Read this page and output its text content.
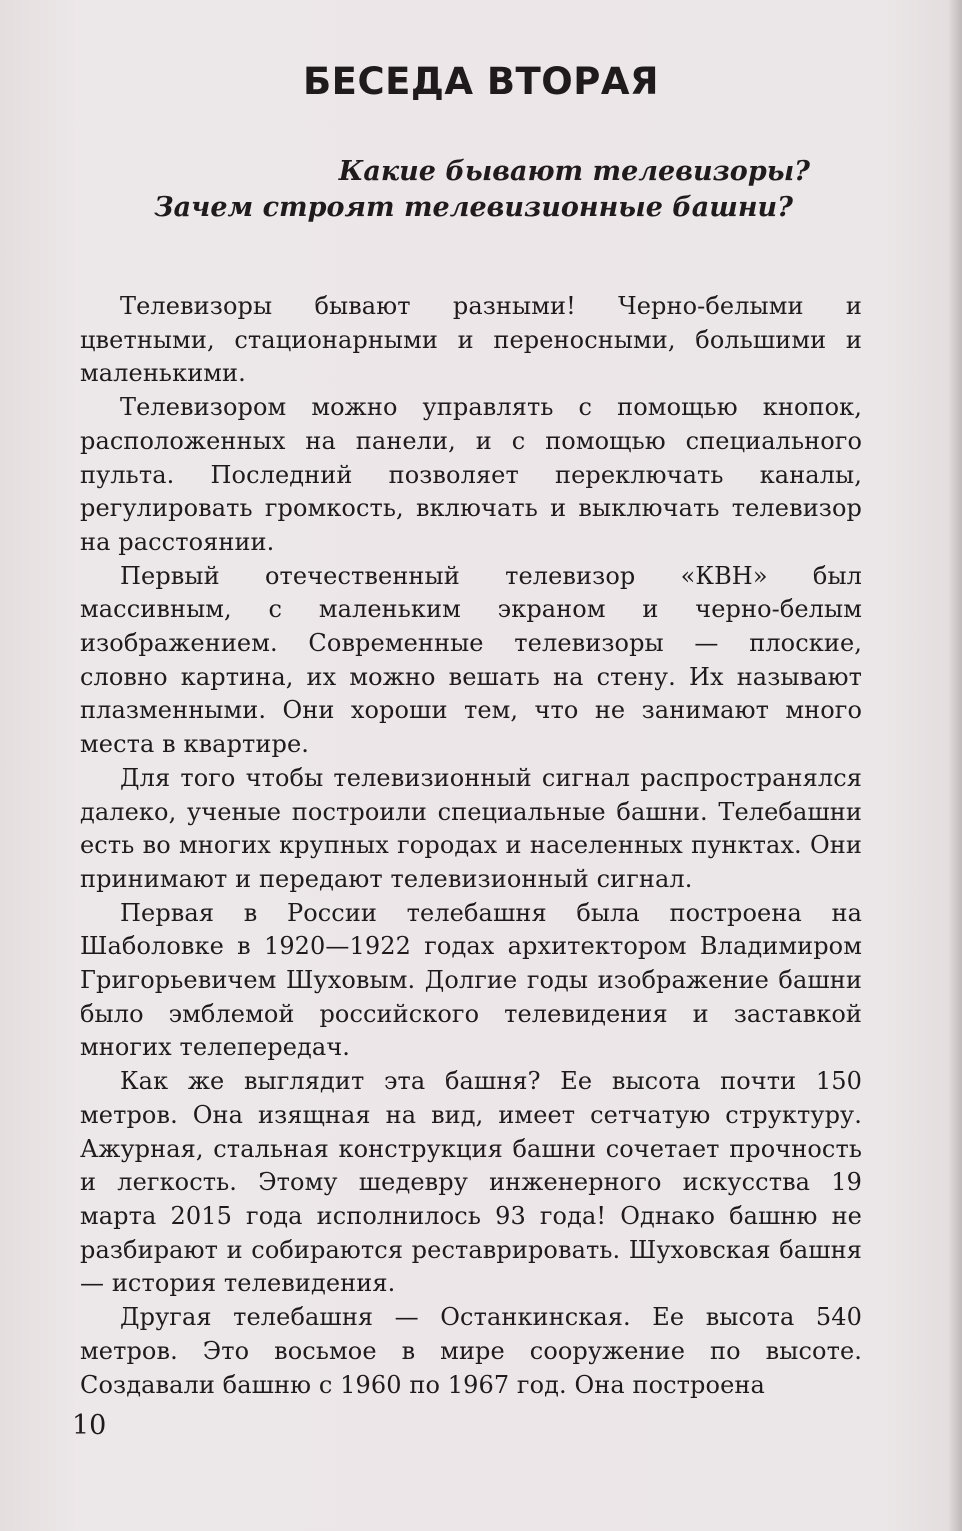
БЕСЕДА ВТОРАЯ
Какие бывают телевизоры?
Зачем строят телевизионные башни?

Телевизоры бывают разными! Черно-белыми и цветными, стационарными и переносными, большими и маленькими.

Телевизором можно управлять с помощью кнопок, расположенных на панели, и с помощью специального пульта. Последний позволяет переключать каналы, регулировать громкость, включать и выключать телевизор на расстоянии.

Первый отечественный телевизор «КВН» был массивным, с маленьким экраном и черно-белым изображением. Современные телевизоры — плоские, словно картина, их можно вешать на стену. Их называют плазменными. Они хороши тем, что не занимают много места в квартире.

Для того чтобы телевизионный сигнал распространялся далеко, ученые построили специальные башни. Телебашни есть во многих крупных городах и населенных пунктах. Они принимают и передают телевизионный сигнал.

Первая в России телебашня была построена на Шаболовке в 1920—1922 годах архитектором Владимиром Григорьевичем Шуховым. Долгие годы изображение башни было эмблемой российского телевидения и заставкой многих телепередач.

Как же выглядит эта башня? Ее высота почти 150 метров. Она изящная на вид, имеет сетчатую структуру. Ажурная, стальная конструкция башни сочетает прочность и легкость. Этому шедевру инженерного искусства 19 марта 2015 года исполнилось 93 года! Однако башню не разбирают и собираются реставрировать. Шуховская башня — история телевидения.

Другая телебашня — Останкинская. Ее высота 540 метров. Это восьмое в мире сооружение по высоте. Создавали башню с 1960 по 1967 год. Она построена

10
